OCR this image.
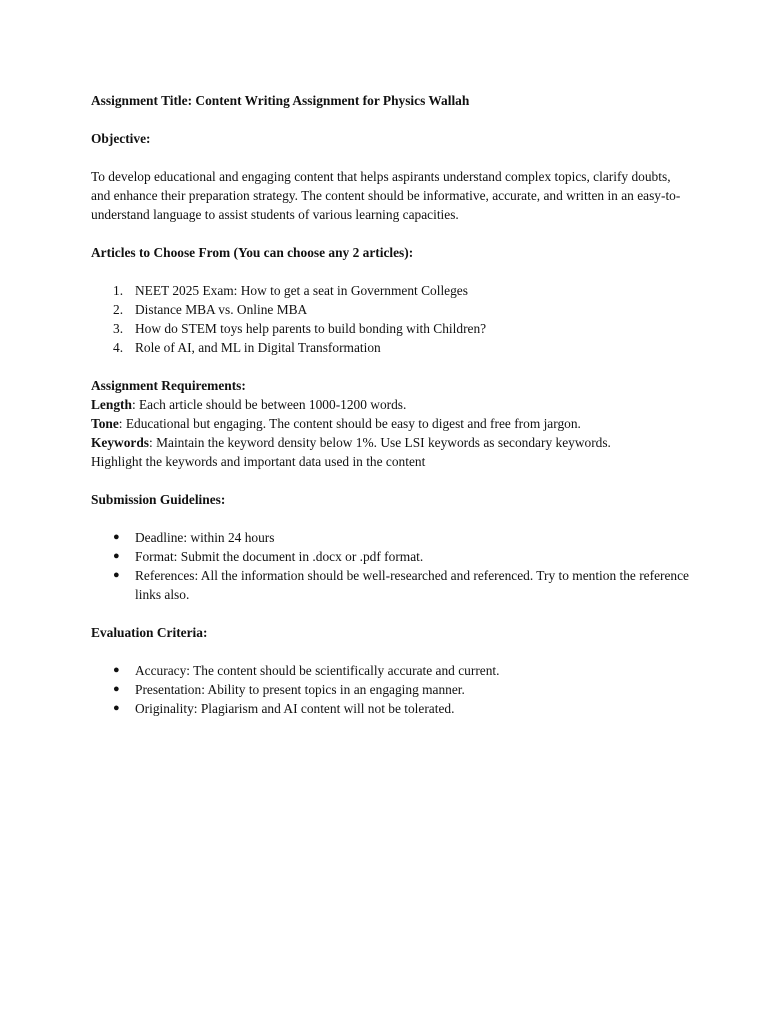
Assignment Title: Content Writing Assignment for Physics Wallah

Objective:

To develop educational and engaging content that helps aspirants understand complex topics, clarify doubts, and enhance their preparation strategy. The content should be informative, accurate, and written in an easy-to-understand language to assist students of various learning capacities.

Articles to Choose From (You can choose any 2 articles):

1. NEET 2025 Exam: How to get a seat in Government Colleges
2. Distance MBA vs. Online MBA
3. How do STEM toys help parents to build bonding with Children?
4. Role of AI, and ML in Digital Transformation

Assignment Requirements:

Length: Each article should be between 1000-1200 words.

Tone: Educational but engaging. The content should be easy to digest and free from jargon.

Keywords: Maintain the keyword density below 1%. Use LSI keywords as secondary keywords.

Highlight the keywords and important data used in the content

Submission Guidelines:

● Deadline: within 24 hours
● Format: Submit the document in .docx or .pdf format.
● References: All the information should be well-researched and referenced. Try to mention the reference links also.

Evaluation Criteria:

● Accuracy: The content should be scientifically accurate and current.
● Presentation: Ability to present topics in an engaging manner.
● Originality: Plagiarism and AI content will not be tolerated.
